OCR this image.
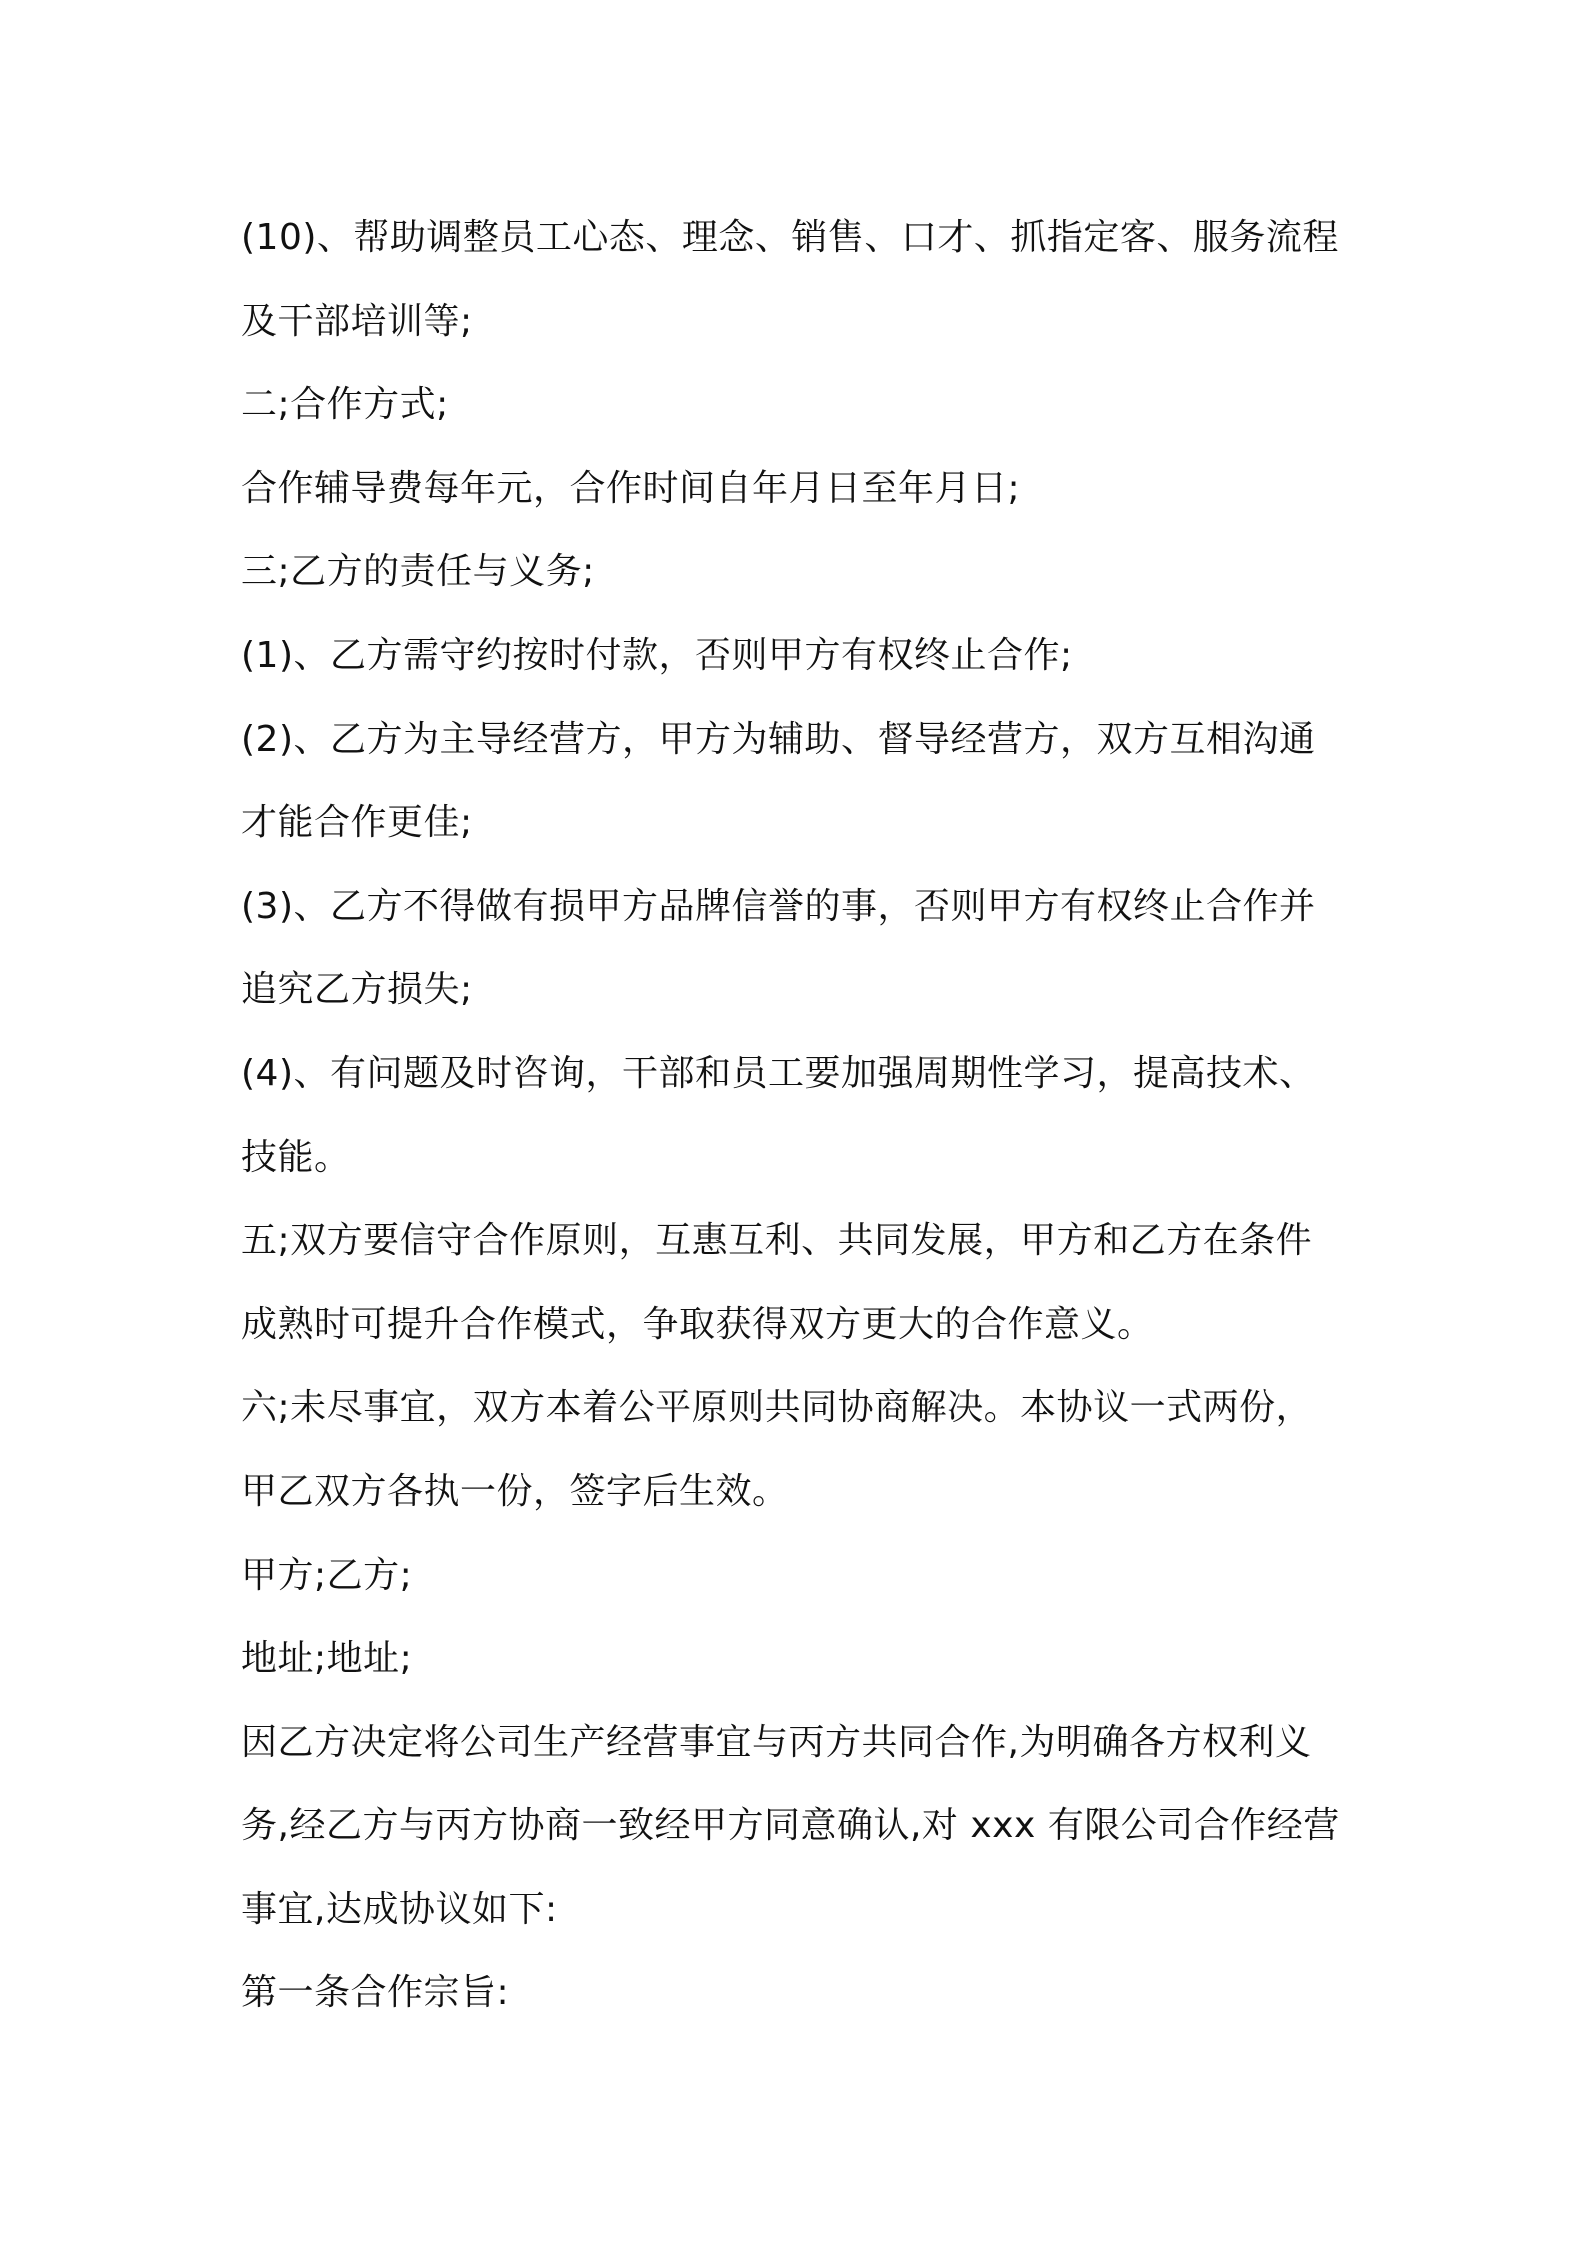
(10)、帮助调整员工心态、理念、销售、口才、抓指定客、服务流程
及干部培训等;
二;合作方式;
合作辅导费每年元，合作时间自年月日至年月日;
三;乙方的责任与义务;
(1)、乙方需守约按时付款，否则甲方有权终止合作;
(2)、乙方为主导经营方，甲方为辅助、督导经营方，双方互相沟通
才能合作更佳;
(3)、乙方不得做有损甲方品牌信誉的事，否则甲方有权终止合作并
追究乙方损失;
(4)、有问题及时咨询，干部和员工要加强周期性学习，提高技术、
技能。
五;双方要信守合作原则，互惠互利、共同发展，甲方和乙方在条件
成熟时可提升合作模式，争取获得双方更大的合作意义。
六;未尽事宜，双方本着公平原则共同协商解决。本协议一式两份，
甲乙双方各执一份，签字后生效。
甲方;乙方;
地址;地址;
因乙方决定将公司生产经营事宜与丙方共同合作,为明确各方权利义
务,经乙方与丙方协商一致经甲方同意确认,对 xxx 有限公司合作经营
事宜,达成协议如下:
第一条合作宗旨:
